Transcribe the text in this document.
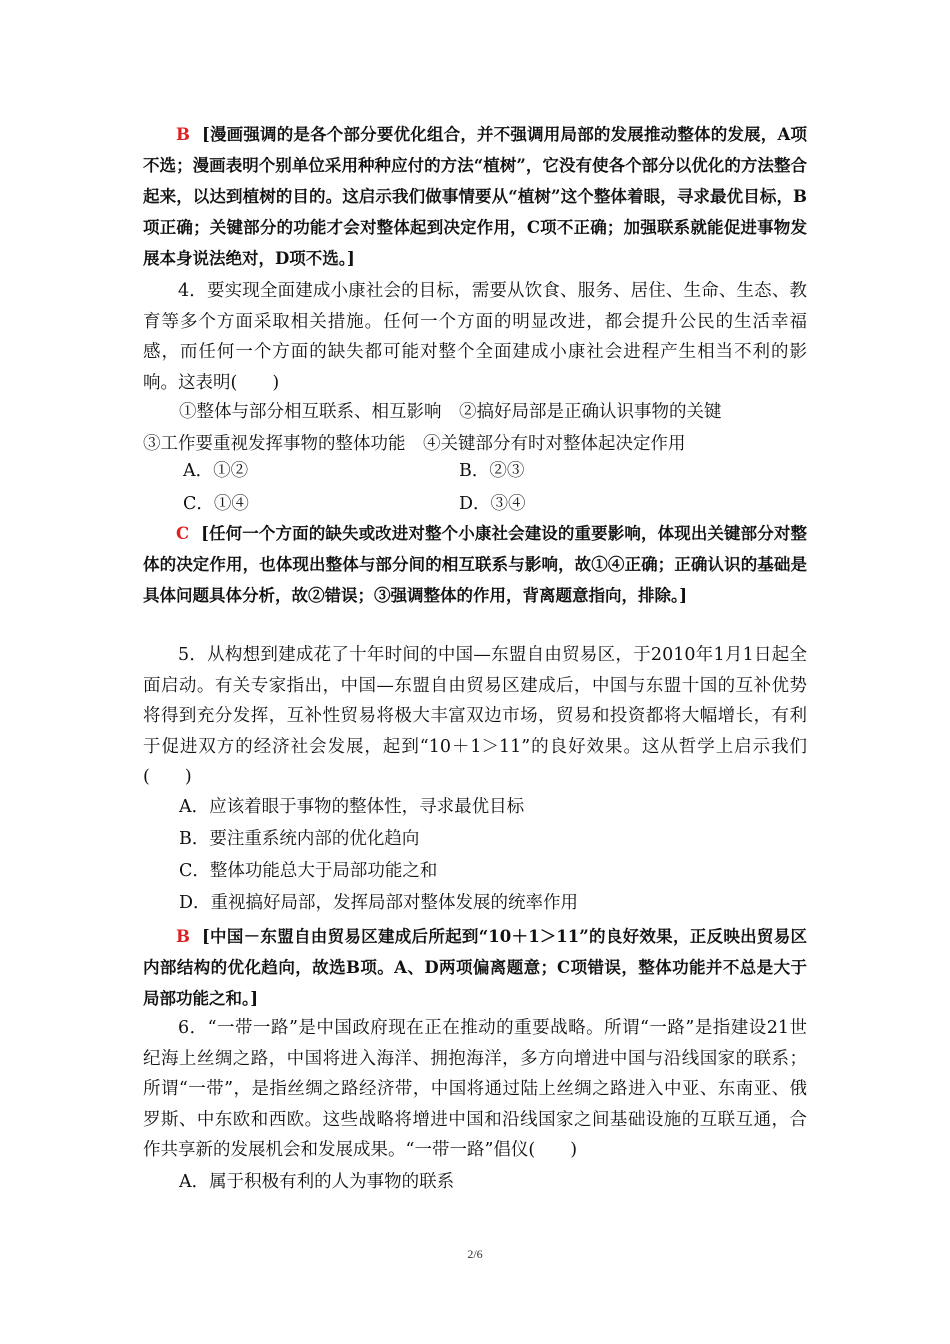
B [漫画强调的是各个部分要优化组合，并不强调用局部的发展推动整体的发展，A项不选；漫画表明个别单位采用种种应付的方法“植树”，它没有使各个部分以优化的方法整合起来，以达到植树的目的。这启示我们做事情要从“植树”这个整体着眼，寻求最优目标，B项正确；关键部分的功能才会对整体起到决定作用，C项不正确；加强联系就能促进事物发展本身说法绝对，D项不选。]

4．要实现全面建成小康社会的目标，需要从饮食、服务、居住、生命、生态、教育等多个方面采取相关措施。任何一个方面的明显改进，都会提升公民的生活幸福感，而任何一个方面的缺失都可能对整个全面建成小康社会进程产生相当不利的影响。这表明(　　)

①整体与部分相互联系、相互影响　②搞好局部是正确认识事物的关键
③工作要重视发挥事物的整体功能　④关键部分有时对整体起决定作用
A．①②	B．②③
C．①④	D．③④

C [任何一个方面的缺失或改进对整个小康社会建设的重要影响，体现出关键部分对整体的决定作用，也体现出整体与部分间的相互联系与影响，故①④正确；正确认识的基础是具体问题具体分析，故②错误；③强调整体的作用，背离题意指向，排除。]

5．从构想到建成花了十年时间的中国—东盟自由贸易区，于2010年1月1日起全面启动。有关专家指出，中国—东盟自由贸易区建成后，中国与东盟十国的互补优势将得到充分发挥，互补性贸易将极大丰富双边市场，贸易和投资都将大幅增长，有利于促进双方的经济社会发展，起到“10＋1＞11”的良好效果。这从哲学上启示我们(　　)

A．应该着眼于事物的整体性，寻求最优目标
B．要注重系统内部的优化趋向
C．整体功能总大于局部功能之和
D．重视搞好局部，发挥局部对整体发展的统率作用

B [中国－东盟自由贸易区建成后所起到“10＋1＞11”的良好效果，正反映出贸易区内部结构的优化趋向，故选B项。A、D两项偏离题意；C项错误，整体功能并不总是大于局部功能之和。]

6．“一带一路”是中国政府现在正在推动的重要战略。所谓“一路”是指建设21世纪海上丝绸之路，中国将进入海洋、拥抱海洋，多方向增进中国与沿线国家的联系；所谓“一带”，是指丝绸之路经济带，中国将通过陆上丝绸之路进入中亚、东南亚、俄罗斯、中东欧和西欧。这些战略将增进中国和沿线国家之间基础设施的互联互通，合作共享新的发展机会和发展成果。“一带一路”倡仪(　　)

A．属于积极有利的人为事物的联系
2/6
